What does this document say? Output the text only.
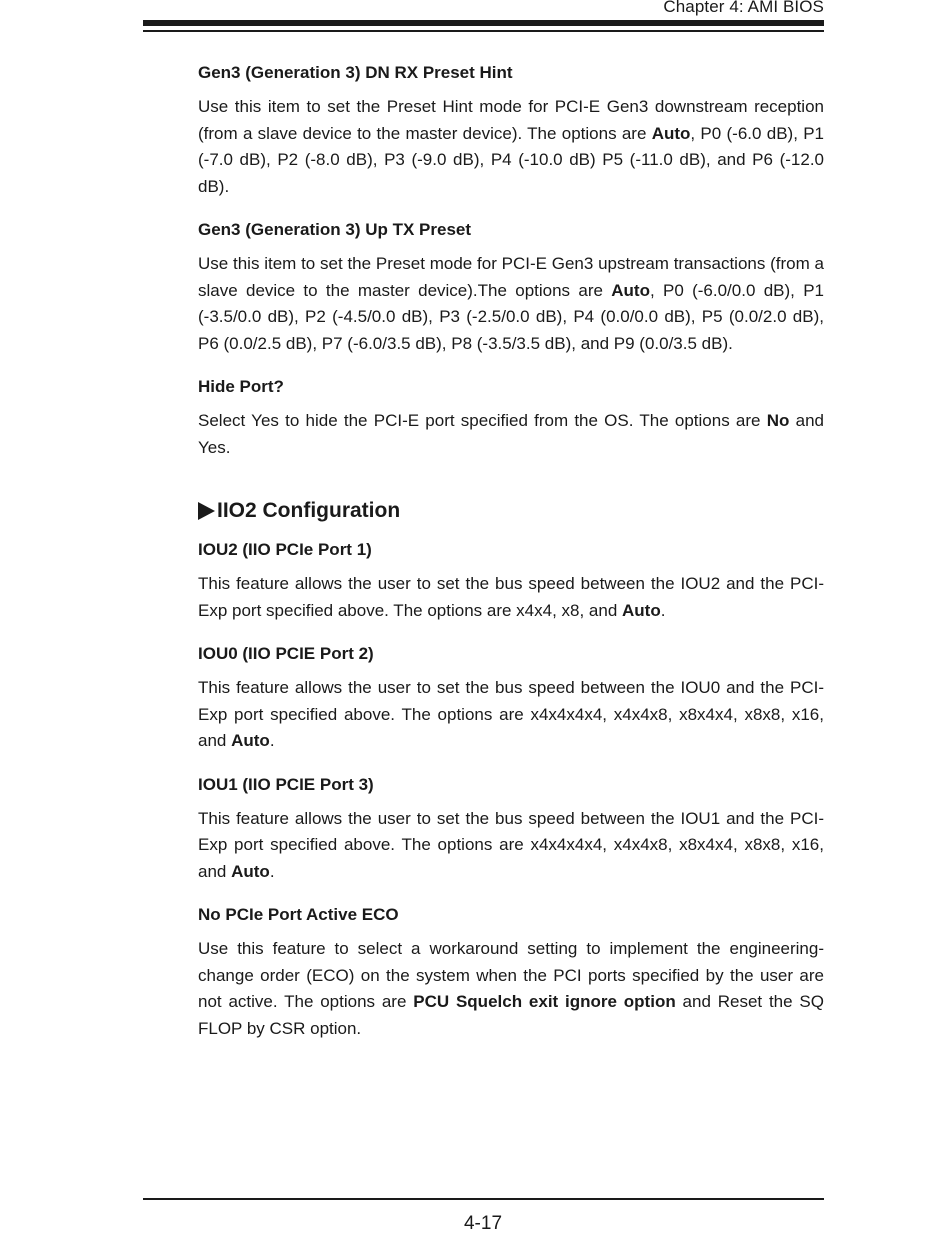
Chapter 4: AMI BIOS
Gen3 (Generation 3) DN RX Preset Hint
Use this item to set the Preset Hint mode for PCI-E Gen3 downstream reception (from a slave device to the master device). The options are Auto, P0 (-6.0 dB), P1 (-7.0 dB), P2 (-8.0 dB), P3 (-9.0 dB), P4 (-10.0 dB) P5 (-11.0 dB), and P6 (-12.0 dB).
Gen3 (Generation 3) Up TX Preset
Use this item to set the Preset mode for PCI-E Gen3 upstream transactions (from a slave device to the master device).The options are Auto, P0 (-6.0/0.0 dB), P1 (-3.5/0.0 dB), P2 (-4.5/0.0 dB), P3 (-2.5/0.0 dB), P4 (0.0/0.0 dB), P5 (0.0/2.0 dB), P6 (0.0/2.5 dB), P7 (-6.0/3.5 dB), P8 (-3.5/3.5 dB), and P9 (0.0/3.5 dB).
Hide Port?
Select Yes to hide the PCI-E port specified from the OS. The options are No and Yes.
IIO2 Configuration
IOU2 (IIO PCIe Port 1)
This feature allows the user to set the bus speed between the IOU2 and the PCI-Exp port specified above. The options are x4x4, x8, and Auto.
IOU0 (IIO PCIE Port 2)
This feature allows the user to set the bus speed between the IOU0 and the PCI-Exp port specified above. The options are x4x4x4x4, x4x4x8, x8x4x4, x8x8, x16, and Auto.
IOU1 (IIO PCIE Port 3)
This feature allows the user to set the bus speed between the IOU1 and the PCI-Exp port specified above. The options are x4x4x4x4, x4x4x8, x8x4x4, x8x8, x16, and Auto.
No PCIe Port Active ECO
Use this feature to select a workaround setting to implement the engineering-change order (ECO) on the system when the PCI ports specified by the user are not active. The options are PCU Squelch exit ignore option and Reset the SQ FLOP by CSR option.
4-17
